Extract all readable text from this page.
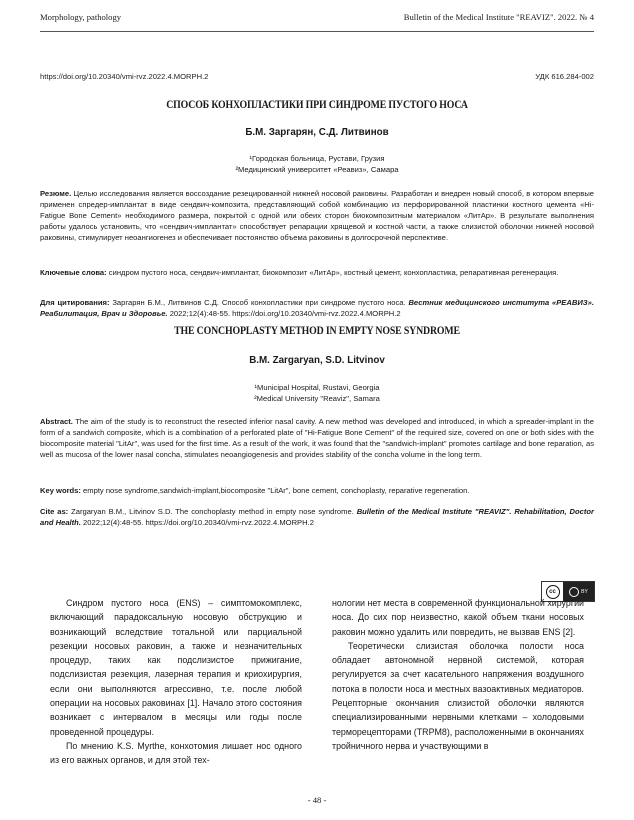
Morphology, pathology	Bulletin of the Medical Institute "REAVIZ". 2022. № 4
https://doi.org/10.20340/vmi-rvz.2022.4.MORPH.2	УДК 616.284-002
СПОСОБ КОНХОПЛАСТИКИ ПРИ СИНДРОМЕ ПУСТОГО НОСА
Б.М. Заргарян, С.Д. Литвинов
¹Городская больница, Рустави, Грузия
²Медицинский университет «Реавиз», Самара
Резюме. Целью исследования является воссоздание резецированной нижней носовой раковины. Разработан и внедрен новый способ, в котором впервые применен спредер-имплантат в виде сендвич-композита, представляющий собой комбинацию из перфорированной пластинки костного цемента «Hi-Fatigue Bone Cement» необходимого размера, покрытой с одной или обеих сторон биокомпозитным материалом «ЛитАр». В результате выполнения работы удалось установить, что «сендвич-имплантат» способствует репарации хрящевой и костной части, а также слизистой оболочки нижней носовой раковины, стимулирует неоангиогенез и обеспечивает постоянство объема раковины в долгосрочной перспективе.
Ключевые слова: синдром пустого носа, сендвич-имплантат, биокомпозит «ЛитАр», костный цемент, конхопластика, репаративная регенерация.
Для цитирования: Заргарян Б.М., Литвинов С.Д. Способ конхопластики при синдроме пустого носа. Вестник медицинского института «РЕАВИЗ». Реабилитация, Врач и Здоровье. 2022;12(4):48-55. https://doi.org/10.20340/vmi-rvz.2022.4.MORPH.2
THE CONCHOPLASTY METHOD IN EMPTY NOSE SYNDROME
B.M. Zargaryan, S.D. Litvinov
¹Municipal Hospital, Rustavi, Georgia
²Medical University "Reaviz", Samara
Abstract. The aim of the study is to reconstruct the resected inferior nasal cavity. A new method was developed and introduced, in which a spreader-implant in the form of a sandwich composite, which is a combination of a perforated plate of "Hi-Fatigue Bone Cement" of the required size, covered on one or both sides with the biocomposite material "LitAr", was used for the first time. As a result of the work, it was found that the "sandwich-implant" promotes cartilage and bone reparation, as well as mucosa of the lower nasal concha, stimulates neoangiogenesis and provides stability of the concha volume in the long term.
Key words: empty nose syndrome,sandwich-implant,biocomposite "LitAr", bone cement, conchoplasty, reparative regeneration.
Cite as: Zargaryan B.M., Litvinov S.D. The conchoplasty method in empty nose syndrome. Bulletin of the Medical Institute "REAVIZ". Rehabilitation, Doctor and Health. 2022;12(4):48-55. https://doi.org/10.20340/vmi-rvz.2022.4.MORPH.2
cc	BY

Синдром пустого носа (ENS) – симптомокомплекс, включающий парадоксальную носовую обструкцию и возникающий вследствие тотальной или парциальной резекции носовых раковин, а также и незначительных процедур, таких как подслизистое прижигание, подслизистая резекция, лазерная терапия и криохирургия, если они выполняются агрессивно, т.е. после любой операции на носовых раковинах [1]. Начало этого состояния возникает с интервалом в месяцы или годы после проведенной процедуры.

По мнению K.S. Myrthe, конхотомия лишает нос одного из его важных органов, и для этой тех-

нологии нет места в современной функциональной хирургии носа. До сих пор неизвестно, какой объем ткани носовых раковин можно удалить или повредить, не вызвав ENS [2].

Теоретически слизистая оболочка полости носа обладает автономной нервной системой, которая регулируется за счет касательного напряжения воздушного потока в полости носа и местных вазоактивных медиаторов. Рецепторные окончания слизистой оболочки являются специализированными нервными клетками – холодовыми терморецепторами (TRPM8), расположенными в окончаниях тройничного нерва и участвующими в

- 48 -
